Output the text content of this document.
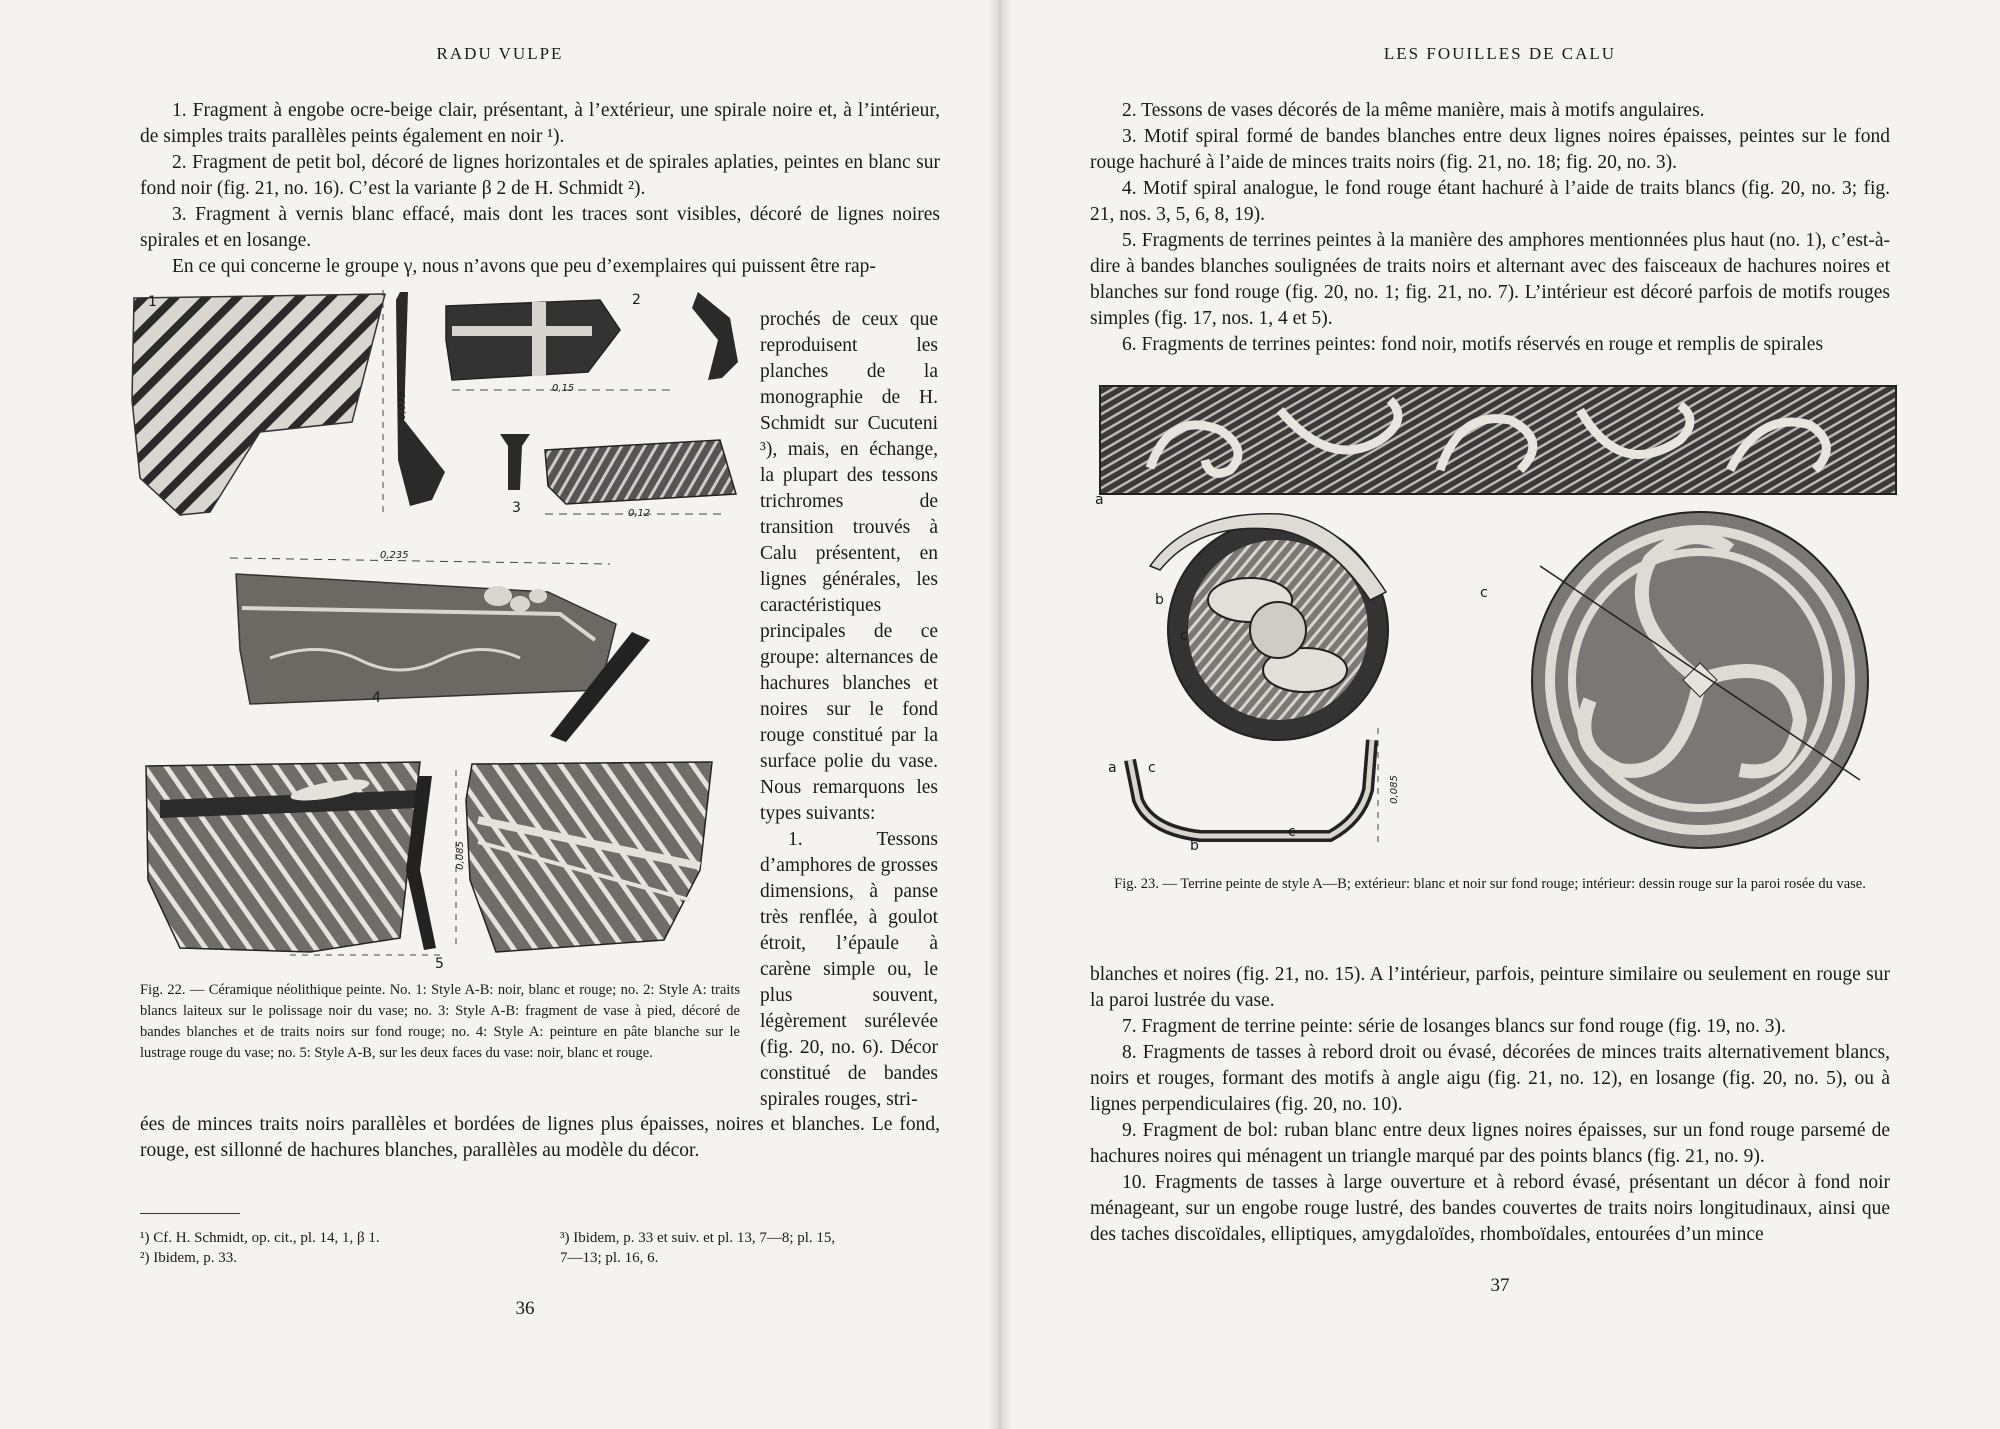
RADU VULPE

1. Fragment à engobe ocre-beige clair, présentant, à l’extérieur, une spirale noire et, à l’intérieur, de simples traits parallèles peints également en noir ¹).

2. Fragment de petit bol, décoré de lignes horizontales et de spirales aplaties, peintes en blanc sur fond noir (fig. 21, no. 16). C’est la variante β 2 de H. Schmidt ²).

3. Fragment à vernis blanc effacé, mais dont les traces sont visibles, décoré de lignes noires spirales et en losange.

En ce qui concerne le groupe γ, nous n’avons que peu d’exemplaires qui puissent être rap-

prochés de ceux que reproduisent les planches de la monographie de H. Schmidt sur Cucuteni ³), mais, en échange, la plupart des tessons trichromes de transition trouvés à Calu présentent, en lignes générales, les caractéristiques principales de ce groupe: alternances de hachures blanches et noires sur le fond rouge constitué par la surface polie du vase. Nous remarquons les types suivants:

1. Tessons d’amphores de grosses dimensions, à panse très renflée, à goulot étroit, l’épaule à carène simple ou, le plus souvent, légèrement surélevée (fig. 20, no. 6). Décor constitué de bandes spirales rouges, stri-

1	2
3
4
5
0,075
0,15
0,12
0,235
0,085
Fig. 22. — Céramique néolithique peinte. No. 1: Style A-B: noir, blanc et rouge; no. 2: Style A: traits blancs laiteux sur le polissage noir du vase; no. 3: Style A-B: fragment de vase à pied, décoré de bandes blanches et de traits noirs sur fond rouge; no. 4: Style A: peinture en pâte blanche sur le lustrage rouge du vase; no. 5: Style A-B, sur les deux faces du vase: noir, blanc et rouge.

ées de minces traits noirs parallèles et bordées de lignes plus épaisses, noires et blanches. Le fond, rouge, est sillonné de hachures blanches, parallèles au modèle du décor.

¹) Cf. H. Schmidt, op. cit., pl. 14, 1, β 1.
²) Ibidem, p. 33.
³) Ibidem, p. 33 et suiv. et pl. 13, 7—8; pl. 15,
7—13; pl. 16, 6.
36
LES FOUILLES DE CALU

2. Tessons de vases décorés de la même manière, mais à motifs angulaires.

3. Motif spiral formé de bandes blanches entre deux lignes noires épaisses, peintes sur le fond rouge hachuré à l’aide de minces traits noirs (fig. 21, no. 18; fig. 20, no. 3).

4. Motif spiral analogue, le fond rouge étant hachuré à l’aide de traits blancs (fig. 20, no. 3; fig. 21, nos. 3, 5, 6, 8, 19).

5. Fragments de terrines peintes à la manière des amphores mentionnées plus haut (no. 1), c’est-à-dire à bandes blanches soulignées de traits noirs et alternant avec des faisceaux de hachures noires et blanches sur fond rouge (fig. 20, no. 1; fig. 21, no. 7). L’intérieur est décoré parfois de motifs rouges simples (fig. 17, nos. 1, 4 et 5).

6. Fragments de terrines peintes: fond noir, motifs réservés en rouge et remplis de spirales

a
b	c
a c
b
c
c
0,085
Fig. 23. — Terrine peinte de style A—B; extérieur: blanc et noir sur fond rouge; intérieur: dessin rouge sur la paroi rosée du vase.

blanches et noires (fig. 21, no. 15). A l’intérieur, parfois, peinture similaire ou seulement en rouge sur la paroi lustrée du vase.

7. Fragment de terrine peinte: série de losanges blancs sur fond rouge (fig. 19, no. 3).

8. Fragments de tasses à rebord droit ou évasé, décorées de minces traits alternativement blancs, noirs et rouges, formant des motifs à angle aigu (fig. 21, no. 12), en losange (fig. 20, no. 5), ou à lignes perpendiculaires (fig. 20, no. 10).

9. Fragment de bol: ruban blanc entre deux lignes noires épaisses, sur un fond rouge parsemé de hachures noires qui ménagent un triangle marqué par des points blancs (fig. 21, no. 9).

10. Fragments de tasses à large ouverture et à rebord évasé, présentant un décor à fond noir ménageant, sur un engobe rouge lustré, des bandes couvertes de traits noirs longitudinaux, ainsi que des taches discoïdales, elliptiques, amygdaloïdes, rhomboïdales, entourées d’un mince

37
